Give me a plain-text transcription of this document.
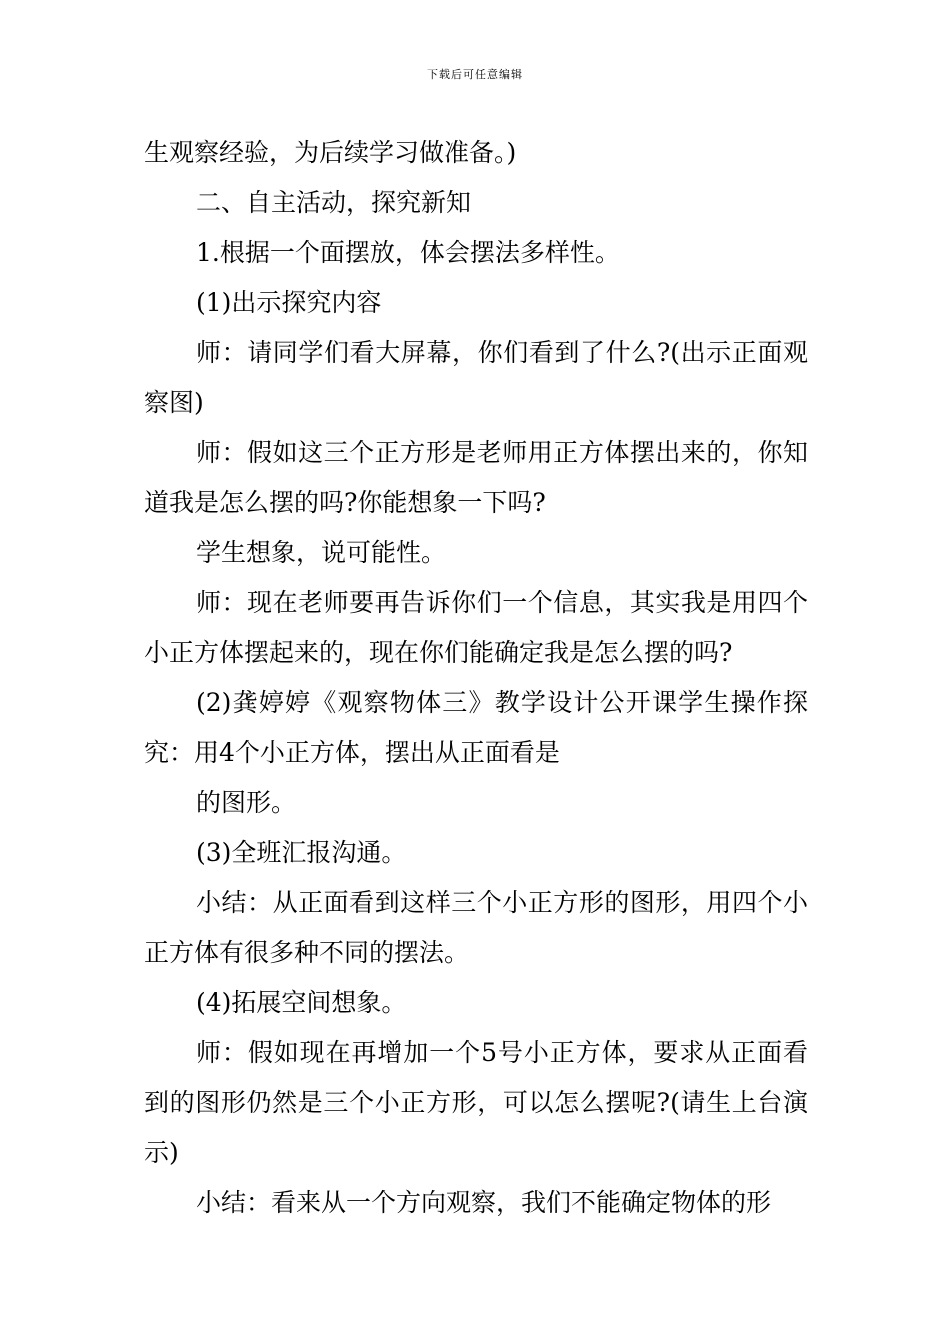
下载后可任意编辑

生观察经验，为后续学习做准备。)

二、自主活动，探究新知

1.根据一个面摆放，体会摆法多样性。

(1)出示探究内容

师：请同学们看大屏幕，你们看到了什么?(出示正面观察图)

师：假如这三个正方形是老师用正方体摆出来的，你知道我是怎么摆的吗?你能想象一下吗?

学生想象，说可能性。

师：现在老师要再告诉你们一个信息，其实我是用四个小正方体摆起来的，现在你们能确定我是怎么摆的吗?

(2)龚婷婷《观察物体三》教学设计公开课学生操作探究：用4个小正方体，摆出从正面看是

的图形。

(3)全班汇报沟通。

小结：从正面看到这样三个小正方形的图形，用四个小正方体有很多种不同的摆法。

(4)拓展空间想象。

师：假如现在再增加一个5号小正方体，要求从正面看到的图形仍然是三个小正方形，可以怎么摆呢?(请生上台演示)

小结：看来从一个方向观察，我们不能确定物体的形
